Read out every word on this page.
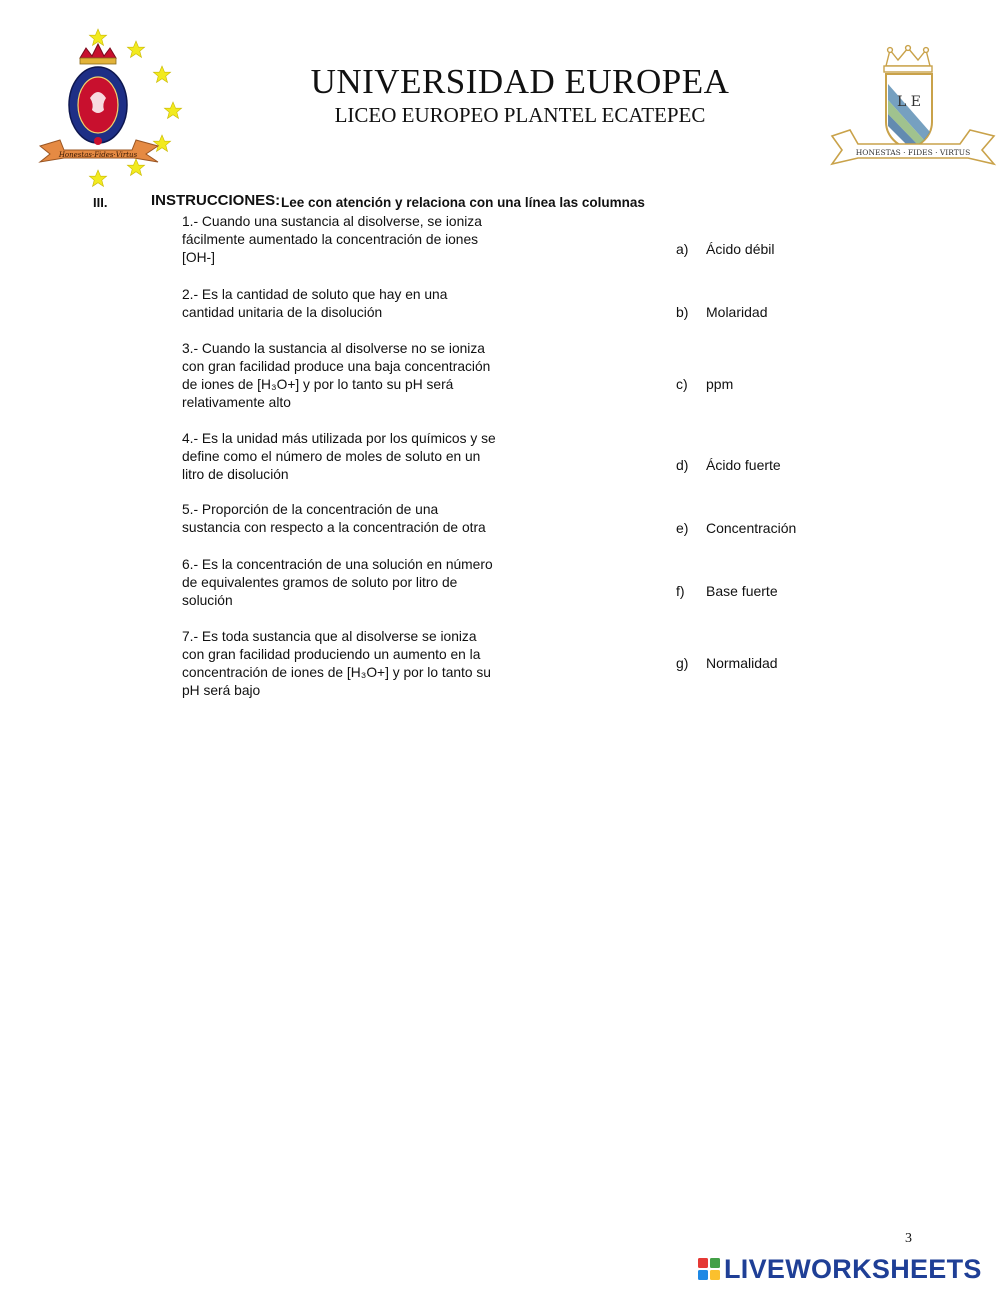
Honestas·Fides·Virtus
UNIVERSIDAD EUROPEA
LICEO EUROPEO PLANTEL ECATEPEC
L E
HONESTAS · FIDES · VIRTUS
III.	INSTRUCCIONES: Lee con atención y relaciona con una línea las columnas
1.- Cuando una sustancia al disolverse, se ioniza
fácilmente aumentado la concentración de iones
[OH-]
2.- Es la cantidad de soluto que hay en una
cantidad unitaria de la disolución
3.- Cuando la sustancia al disolverse no se ioniza
con gran facilidad produce una baja concentración
de iones de [H₃O+] y por lo tanto su pH será
relativamente alto
4.- Es la unidad más utilizada por los químicos y se
define como el número de moles de soluto en un
litro de disolución
5.- Proporción de la concentración de una
sustancia con respecto a la concentración de otra
6.- Es la concentración de una solución en número
de equivalentes gramos de soluto por litro de
solución
7.- Es toda sustancia que al disolverse se ioniza
con gran facilidad produciendo un aumento en la
concentración de iones de [H₃O+] y por lo tanto su
pH será bajo
a) Ácido débil
b) Molaridad
c) ppm
d) Ácido fuerte
e) Concentración
f) Base fuerte
g) Normalidad
3
LIVEWORKSHEETS
